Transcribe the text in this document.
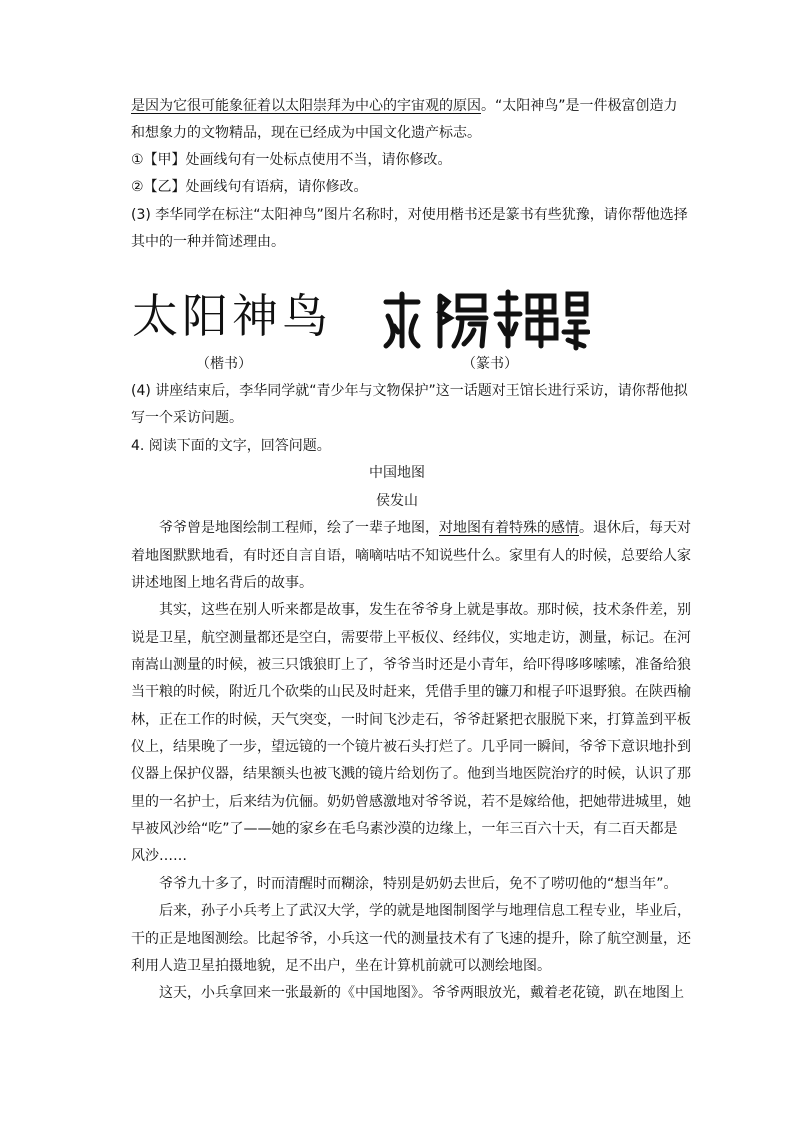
是因为它很可能象征着以太阳崇拜为中心的宇宙观的原因。“太阳神鸟”是一件极富创造力
和想象力的文物精品，现在已经成为中国文化遗产标志。
①【甲】处画线句有一处标点使用不当，请你修改。
②【乙】处画线句有语病，请你修改。
(3) 李华同学在标注“太阳神鸟”图片名称时，对使用楷书还是篆书有些犹豫，请你帮他选择
其中的一种并简述理由。
太阳神鸟
（楷书）	（篆书）
(4) 讲座结束后，李华同学就“青少年与文物保护”这一话题对王馆长进行采访，请你帮他拟
写一个采访问题。
4. 阅读下面的文字，回答问题。
中国地图
侯发山
爷爷曾是地图绘制工程师，绘了一辈子地图，对地图有着特殊的感情。退休后，每天对
着地图默默地看，有时还自言自语，嘀嘀咕咕不知说些什么。家里有人的时候，总要给人家
讲述地图上地名背后的故事。
其实，这些在别人听来都是故事，发生在爷爷身上就是事故。那时候，技术条件差，别
说是卫星，航空测量都还是空白，需要带上平板仪、经纬仪，实地走访，测量，标记。在河
南嵩山测量的时候，被三只饿狼盯上了，爷爷当时还是小青年，给吓得哆哆嗦嗦，准备给狼
当干粮的时候，附近几个砍柴的山民及时赶来，凭借手里的镰刀和棍子吓退野狼。在陕西榆
林，正在工作的时候，天气突变，一时间飞沙走石，爷爷赶紧把衣服脱下来，打算盖到平板
仪上，结果晚了一步，望远镜的一个镜片被石头打烂了。几乎同一瞬间，爷爷下意识地扑到
仪器上保护仪器，结果额头也被飞溅的镜片给划伤了。他到当地医院治疗的时候，认识了那
里的一名护士，后来结为伉俪。奶奶曾感激地对爷爷说，若不是嫁给他，把她带进城里，她
早被风沙给“吃”了——她的家乡在毛乌素沙漠的边缘上，一年三百六十天，有二百天都是
风沙……
爷爷九十多了，时而清醒时而糊涂，特别是奶奶去世后，免不了唠叨他的“想当年”。
后来，孙子小兵考上了武汉大学，学的就是地图制图学与地理信息工程专业，毕业后，
干的正是地图测绘。比起爷爷，小兵这一代的测量技术有了飞速的提升，除了航空测量，还
利用人造卫星拍摄地貌，足不出户，坐在计算机前就可以测绘地图。
这天，小兵拿回来一张最新的《中国地图》。爷爷两眼放光，戴着老花镜，趴在地图上
